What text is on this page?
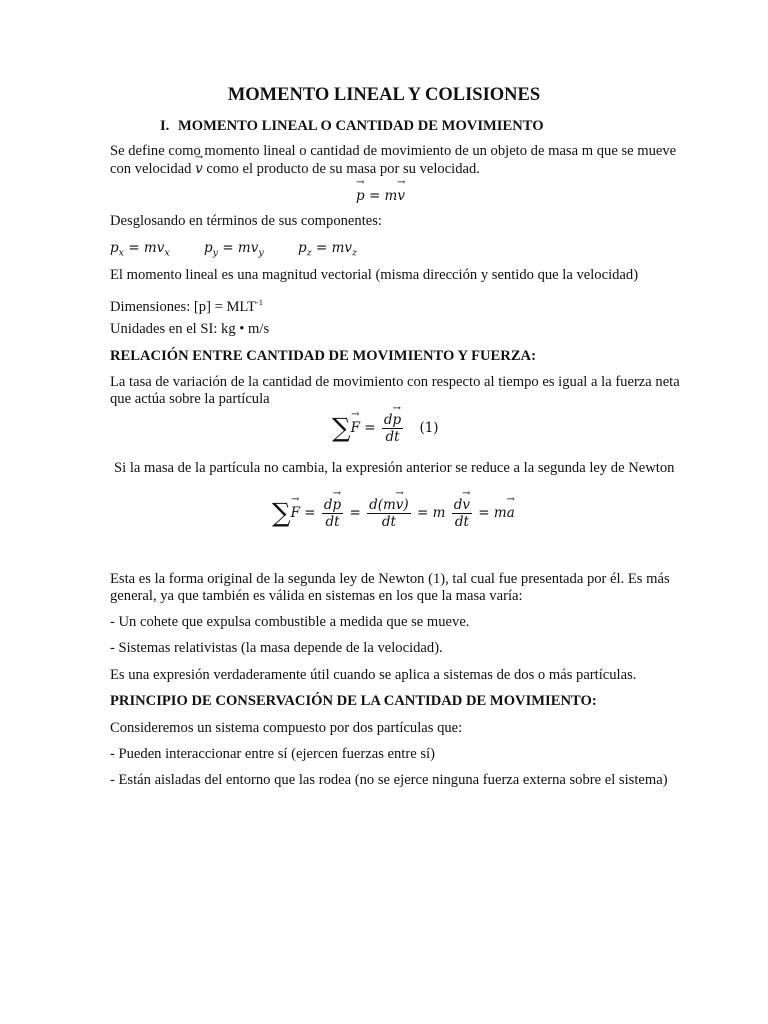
MOMENTO LINEAL Y COLISIONES
I. MOMENTO LINEAL O CANTIDAD DE MOVIMIENTO
Se define como momento lineal o cantidad de movimiento de un objeto de masa m que se mueve
con velocidad v → como el producto de su masa por su velocidad.
p → = mv →
Desglosando en términos de sus componentes:
$p_x = mv_x$	$p_y = mv_y$	$p_z = mv_z$
El momento lineal es una magnitud vectorial (misma dirección y sentido que la velocidad)
Dimensiones: $[p] = MLT^{-1}$
Unidades en el SI: kg • m/s
RELACIÓN ENTRE CANTIDAD DE MOVIMIENTO Y FUERZA:
La tasa de variación de la cantidad de movimiento con respecto al tiempo es igual a la fuerza neta
que actúa sobre la partícula
∑F → = $\frac{dp \to}{dt} (1)$
Si la masa de la partícula no cambia, la expresión anterior se reduce a la segunda ley de Newton
∑F → = $\frac{dp \to}{dt} = \frac{d(mv \to)}{dt} = m \frac{dv \to}{dt}$ = ma →
Esta es la forma original de la segunda ley de Newton (1), tal cual fue presentada por él. Es más
general, ya que también es válida en sistemas en los que la masa varía:
- Un cohete que expulsa combustible a medida que se mueve.
- Sistemas relativistas (la masa depende de la velocidad).
Es una expresión verdaderamente útil cuando se aplica a sistemas de dos o más partículas.
PRINCIPIO DE CONSERVACIÓN DE LA CANTIDAD DE MOVIMIENTO:
Consideremos un sistema compuesto por dos partículas que:
- Pueden interaccionar entre sí (ejercen fuerzas entre sí)
- Están aisladas del entorno que las rodea (no se ejerce ninguna fuerza externa sobre el sistema)
